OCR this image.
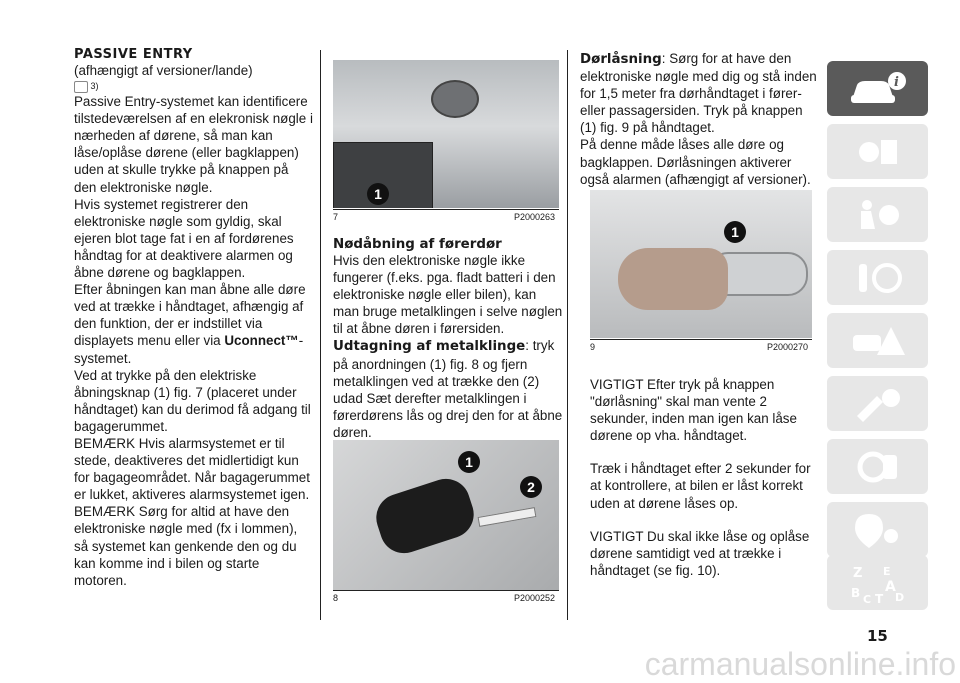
PASSIVE ENTRY

(afhængigt af versioner/lande)

3)

Passive Entry-systemet kan identificere tilstedeværelsen af en elekronisk nøgle i nærheden af dørene, så man kan låse/oplåse dørene (eller bagklappen) uden at skulle trykke på knappen på den elektroniske nøgle.

Hvis systemet registrerer den elektroniske nøgle som gyldig, skal ejeren blot tage fat i en af fordørenes håndtag for at deaktivere alarmen og åbne dørene og bagklappen.

Efter åbningen kan man åbne alle døre ved at trække i håndtaget, afhængig af den funktion, der er indstillet via displayets menu eller via Uconnect™-systemet.

Ved at trykke på den elektriske åbningsknap (1) fig. 7 (placeret under håndtaget) kan du derimod få adgang til bagagerummet.

BEMÆRK Hvis alarmsystemet er til stede, deaktiveres det midlertidigt kun for bagageområdet. Når bagagerummet er lukket, aktiveres alarmsystemet igen.

BEMÆRK Sørg for altid at have den elektroniske nøgle med (fx i lommen), så systemet kan genkende den og du kan komme ind i bilen og starte motoren.

1
7	P2000263

Nødåbning af førerdør

Hvis den elektroniske nøgle ikke fungerer (f.eks. pga. fladt batteri i den elektroniske nøgle eller bilen), kan man bruge metalklingen i selve nøglen til at åbne døren i førersiden.

Udtagning af metalklinge: tryk

på anordningen (1) fig. 8 og fjern metalklingen ved at trække den (2) udad Sæt derefter metalklingen i førerdørens lås og drej den for at åbne døren.

1
2
8	P2000252

Dørlåsning: Sørg for at have den elektroniske nøgle med dig og stå inden for 1,5 meter fra dørhåndtaget i fører- eller passagersiden. Tryk på knappen (1) fig. 9 på håndtaget.

På denne måde låses alle døre og bagklappen. Dørlåsningen aktiverer også alarmen (afhængigt af versioner).

1
9	P2000270

VIGTIGT Efter tryk på knappen "dørlåsning" skal man vente 2 sekunder, inden man igen kan låse dørene op vha. håndtaget.

Træk i håndtaget efter 2 sekunder for at kontrollere, at bilen er låst korrekt uden at dørene låses op.

VIGTIGT Du skal ikke låse og oplåse dørene samtidigt ved at trække i håndtaget (se fig. 10).

i
Z E
B A
C T D
15
carmanualsonline.info
